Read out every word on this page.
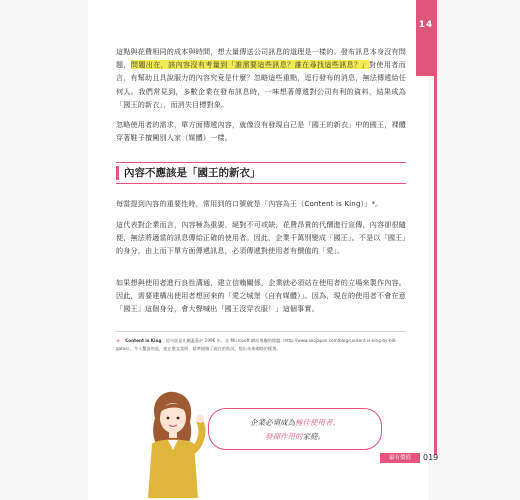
14

這點與花費相同的成本與時間，想大量傳送公司訊息的道理是一樣的。發布訊息本身沒有問題，問題出在，該內容沒有考量到「誰需要這些訊息？誰在尋找這些訊息？」對使用者而言，有幫助且具說服力的內容究竟是什麼？忽略這些重點，逕行發布的消息，無法傳遞給任何人。我們常見到，多數企業在發布訊息時，一味想著傳遞對公司有利的資料，結果成為「國王的新衣」，而消失目標對象。

忽略使用者的需求，單方面傳遞內容，就像沒有發現自己是「國王的新衣」中的國王，裸體穿著鞋子擅闖別人家（媒體）一樣。

內容不應該是「國王的新衣」

每當提到內容的重要性時，常用到的口號就是「內容為王（Content is King）」*。

這代表對企業而言，內容極為重要，絕對不可或缺，花費昂貴的代價進行宣傳，內容卻很隨便，無法將適當的訊息傳給正確的使用者。因此，企業千萬別變成「國王」。不是以「國王」的身分，由上而下單方面傳遞訊息，必須傳遞對使用者有價值的「愛」。

如果想與使用者進行良性溝通，建立信賴關係，企業就必須站在使用者的立場來製作內容。因此，需要建構出使用者想回來的「愛之城堡（自有媒體）」。因為，現在的使用者不會在意「國王」這個身分，會大聲喊出「國王沒穿衣服！」這個事實。

＊ Content is King：這句話是比爾蓋茲於 1996 年，在 Microsoft 網站專欄的標題（http://www.seojapan.com/blog/content-is-king-by-bill-gates）。令人驚訝的是，他在散文當時，精準描繪了現在的狀況，提出未來網路的樣貌。

企業必須成為極佳使用者、
發揮作用的家庭。
最有價值	019
